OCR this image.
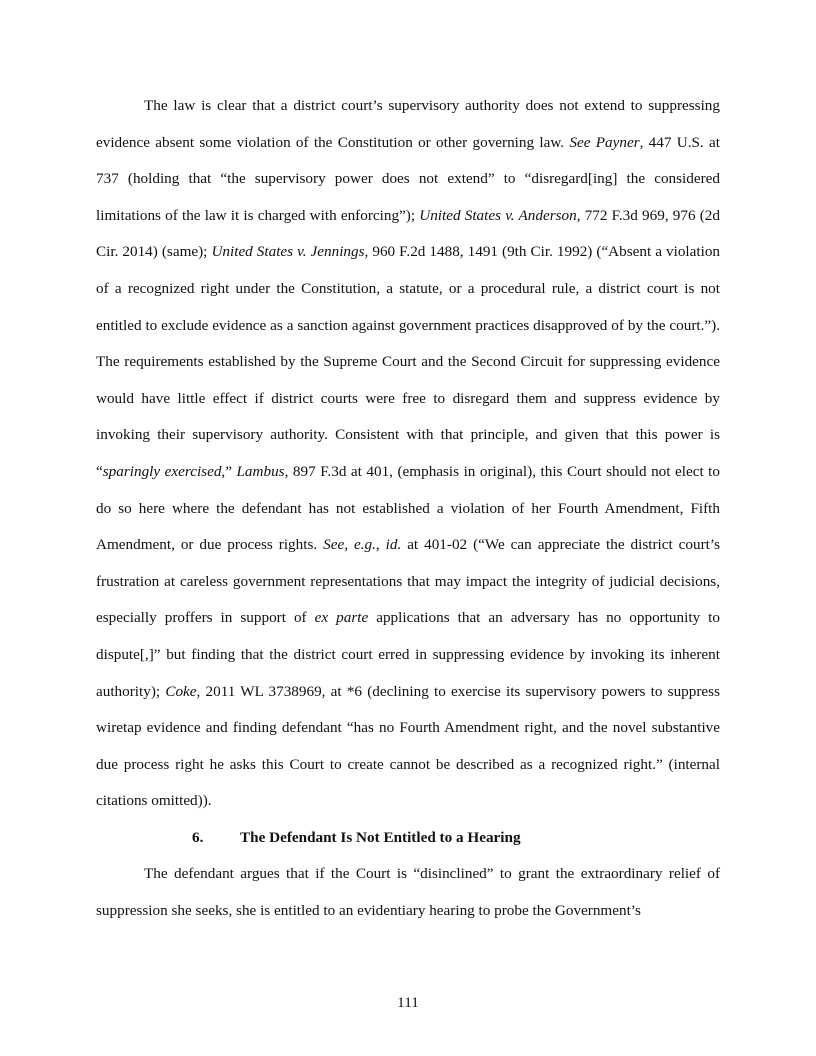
The law is clear that a district court’s supervisory authority does not extend to suppressing evidence absent some violation of the Constitution or other governing law. See Payner, 447 U.S. at 737 (holding that “the supervisory power does not extend” to “disregard[ing] the considered limitations of the law it is charged with enforcing”); United States v. Anderson, 772 F.3d 969, 976 (2d Cir. 2014) (same); United States v. Jennings, 960 F.2d 1488, 1491 (9th Cir. 1992) (“Absent a violation of a recognized right under the Constitution, a statute, or a procedural rule, a district court is not entitled to exclude evidence as a sanction against government practices disapproved of by the court.”). The requirements established by the Supreme Court and the Second Circuit for suppressing evidence would have little effect if district courts were free to disregard them and suppress evidence by invoking their supervisory authority. Consistent with that principle, and given that this power is “sparingly exercised,” Lambus, 897 F.3d at 401, (emphasis in original), this Court should not elect to do so here where the defendant has not established a violation of her Fourth Amendment, Fifth Amendment, or due process rights. See, e.g., id. at 401-02 (“We can appreciate the district court’s frustration at careless government representations that may impact the integrity of judicial decisions, especially proffers in support of ex parte applications that an adversary has no opportunity to dispute[,]” but finding that the district court erred in suppressing evidence by invoking its inherent authority); Coke, 2011 WL 3738969, at *6 (declining to exercise its supervisory powers to suppress wiretap evidence and finding defendant “has no Fourth Amendment right, and the novel substantive due process right he asks this Court to create cannot be described as a recognized right.” (internal citations omitted)).

6. The Defendant Is Not Entitled to a Hearing

The defendant argues that if the Court is “disinclined” to grant the extraordinary relief of suppression she seeks, she is entitled to an evidentiary hearing to probe the Government’s

111
